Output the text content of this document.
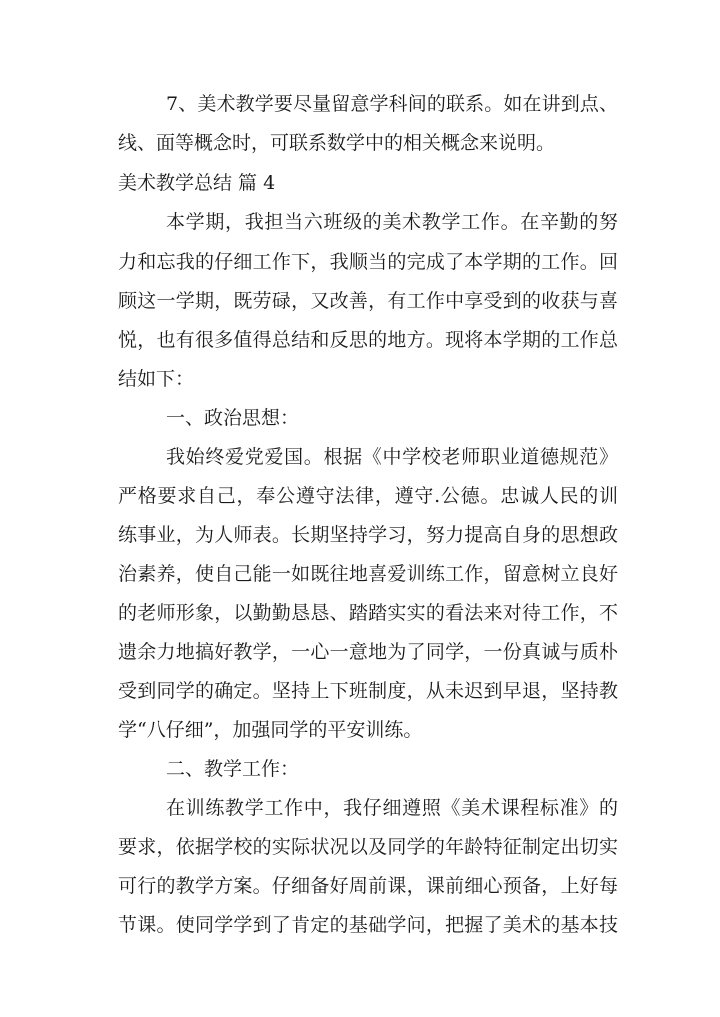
7、美术教学要尽量留意学科间的联系。如在讲到点、
线、面等概念时，可联系数学中的相关概念来说明。
美术教学总结 篇 4
本学期，我担当六班级的美术教学工作。在辛勤的努
力和忘我的仔细工作下，我顺当的完成了本学期的工作。回
顾这一学期，既劳碌，又改善，有工作中享受到的收获与喜
悦，也有很多值得总结和反思的地方。现将本学期的工作总
结如下：
一、政治思想：
我始终爱党爱国。根据《中学校老师职业道德规范》
严格要求自己，奉公遵守法律，遵守.公德。忠诚人民的训
练事业，为人师表。长期坚持学习，努力提高自身的思想政
治素养，使自己能一如既往地喜爱训练工作，留意树立良好
的老师形象，以勤勤恳恳、踏踏实实的看法来对待工作，不
遗余力地搞好教学，一心一意地为了同学，一份真诚与质朴
受到同学的确定。坚持上下班制度，从未迟到早退，坚持教
学“八仔细”，加强同学的平安训练。
二、教学工作：
在训练教学工作中，我仔细遵照《美术课程标准》的
要求，依据学校的实际状况以及同学的年龄特征制定出切实
可行的教学方案。仔细备好周前课，课前细心预备，上好每
节课。使同学学到了肯定的基础学问，把握了美术的基本技
